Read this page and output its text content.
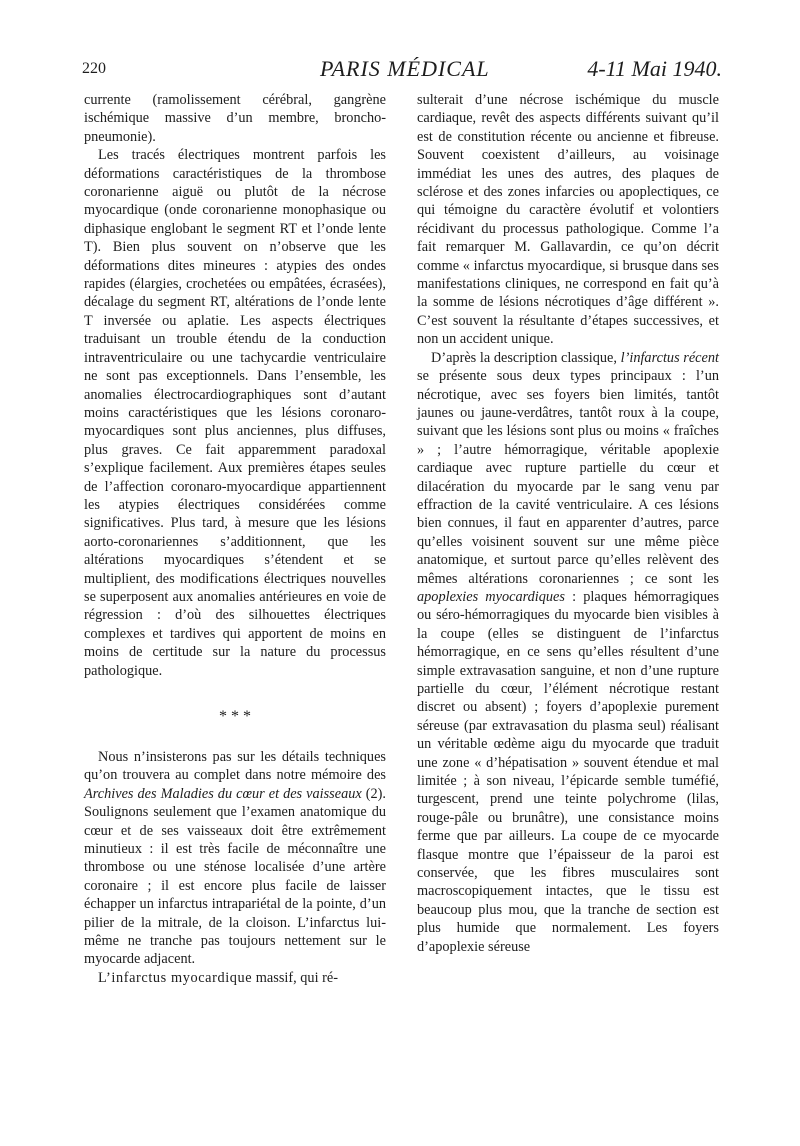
220	PARIS MÉDICAL	4-11 Mai 1940.

currente (ramolissement cérébral, gangrène ischémique massive d’un membre, broncho-pneumonie).

Les tracés électriques montrent parfois les déformations caractéristiques de la thrombose coronarienne aiguë ou plutôt de la nécrose myocardique (onde coronarienne monophasique ou diphasique englobant le segment RT et l’onde lente T). Bien plus souvent on n’observe que les déformations dites mineures : atypies des ondes rapides (élargies, crochetées ou empâtées, écrasées), décalage du segment RT, altérations de l’onde lente T inversée ou aplatie. Les aspects électriques traduisant un trouble étendu de la conduction intraventriculaire ou une tachycardie ventriculaire ne sont pas exceptionnels. Dans l’ensemble, les anomalies électrocardiographiques sont d’autant moins caractéristiques que les lésions coronaro-myocardiques sont plus anciennes, plus diffuses, plus graves. Ce fait apparemment paradoxal s’explique facilement. Aux premières étapes seules de l’affection coronaro-myocardique appartiennent les atypies électriques considérées comme significatives. Plus tard, à mesure que les lésions aorto-coronariennes s’additionnent, que les altérations myocardiques s’étendent et se multiplient, des modifications électriques nouvelles se superposent aux anomalies antérieures en voie de régression : d’où des silhouettes électriques complexes et tardives qui apportent de moins en moins de certitude sur la nature du processus pathologique.

* * *

Nous n’insisterons pas sur les détails techniques qu’on trouvera au complet dans notre mémoire des Archives des Maladies du cœur et des vaisseaux (2). Soulignons seulement que l’examen anatomique du cœur et de ses vaisseaux doit être extrêmement minutieux : il est très facile de méconnaître une thrombose ou une sténose localisée d’une artère coronaire ; il est encore plus facile de laisser échapper un infarctus intrapariétal de la pointe, d’un pilier de la mitrale, de la cloison. L’infarctus lui-même ne tranche pas toujours nettement sur le myocarde adjacent.

L’infarctus myocardique massif, qui ré-

sulterait d’une nécrose ischémique du muscle cardiaque, revêt des aspects différents suivant qu’il est de constitution récente ou ancienne et fibreuse. Souvent coexistent d’ailleurs, au voisinage immédiat les unes des autres, des plaques de sclérose et des zones infarcies ou apoplectiques, ce qui témoigne du caractère évolutif et volontiers récidivant du processus pathologique. Comme l’a fait remarquer M. Gallavardin, ce qu’on décrit comme « infarctus myocardique, si brusque dans ses manifestations cliniques, ne correspond en fait qu’à la somme de lésions nécrotiques d’âge différent ». C’est souvent la résultante d’étapes successives, et non un accident unique.

D’après la description classique, l’infarctus récent se présente sous deux types principaux : l’un nécrotique, avec ses foyers bien limités, tantôt jaunes ou jaune-verdâtres, tantôt roux à la coupe, suivant que les lésions sont plus ou moins « fraîches » ; l’autre hémorragique, véritable apoplexie cardiaque avec rupture partielle du cœur et dilacération du myocarde par le sang venu par effraction de la cavité ventriculaire. A ces lésions bien connues, il faut en apparenter d’autres, parce qu’elles voisinent souvent sur une même pièce anatomique, et surtout parce qu’elles relèvent des mêmes altérations coronariennes ; ce sont les apoplexies myocardiques : plaques hémorragiques ou séro-hémorragiques du myocarde bien visibles à la coupe (elles se distinguent de l’infarctus hémorragique, en ce sens qu’elles résultent d’une simple extravasation sanguine, et non d’une rupture partielle du cœur, l’élément nécrotique restant discret ou absent) ; foyers d’apoplexie purement séreuse (par extravasation du plasma seul) réalisant un véritable œdème aigu du myocarde que traduit une zone « d’hépatisation » souvent étendue et mal limitée ; à son niveau, l’épicarde semble tuméfié, turgescent, prend une teinte polychrome (lilas, rouge-pâle ou brunâtre), une consistance moins ferme que par ailleurs. La coupe de ce myocarde flasque montre que l’épaisseur de la paroi est conservée, que les fibres musculaires sont macroscopiquement intactes, que le tissu est beaucoup plus mou, que la tranche de section est plus humide que normalement. Les foyers d’apoplexie séreuse
